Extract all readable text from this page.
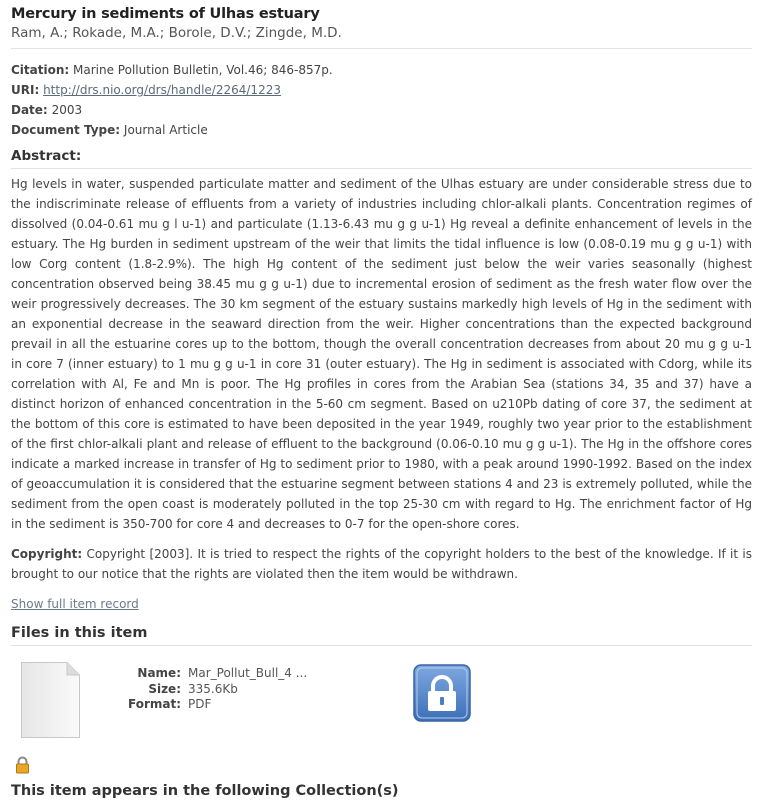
Mercury in sediments of Ulhas estuary
Ram, A.; Rokade, M.A.; Borole, D.V.; Zingde, M.D.
Citation: Marine Pollution Bulletin, Vol.46; 846-857p.
URI: http://drs.nio.org/drs/handle/2264/1223
Date: 2003
Document Type: Journal Article
Abstract:
Hg levels in water, suspended particulate matter and sediment of the Ulhas estuary are under considerable stress due to the indiscriminate release of effluents from a variety of industries including chlor-alkali plants. Concentration regimes of dissolved (0.04-0.61 mu g l u-1) and particulate (1.13-6.43 mu g g u-1) Hg reveal a definite enhancement of levels in the estuary. The Hg burden in sediment upstream of the weir that limits the tidal influence is low (0.08-0.19 mu g g u-1) with low Corg content (1.8-2.9%). The high Hg content of the sediment just below the weir varies seasonally (highest concentration observed being 38.45 mu g g u-1) due to incremental erosion of sediment as the fresh water flow over the weir progressively decreases. The 30 km segment of the estuary sustains markedly high levels of Hg in the sediment with an exponential decrease in the seaward direction from the weir. Higher concentrations than the expected background prevail in all the estuarine cores up to the bottom, though the overall concentration decreases from about 20 mu g g u-1 in core 7 (inner estuary) to 1 mu g g u-1 in core 31 (outer estuary). The Hg in sediment is associated with Cdorg, while its correlation with Al, Fe and Mn is poor. The Hg profiles in cores from the Arabian Sea (stations 34, 35 and 37) have a distinct horizon of enhanced concentration in the 5-60 cm segment. Based on u210Pb dating of core 37, the sediment at the bottom of this core is estimated to have been deposited in the year 1949, roughly two year prior to the establishment of the first chlor-alkali plant and release of effluent to the background (0.06-0.10 mu g g u-1). The Hg in the offshore cores indicate a marked increase in transfer of Hg to sediment prior to 1980, with a peak around 1990-1992. Based on the index of geoaccumulation it is considered that the estuarine segment between stations 4 and 23 is extremely polluted, while the sediment from the open coast is moderately polluted in the top 25-30 cm with regard to Hg. The enrichment factor of Hg in the sediment is 350-700 for core 4 and decreases to 0-7 for the open-shore cores.
Copyright: Copyright [2003]. It is tried to respect the rights of the copyright holders to the best of the knowledge. If it is brought to our notice that the rights are violated then the item would be withdrawn.
Show full item record
Files in this item
Name: Mar_Pollut_Bull_4 ...
Size: 335.6Kb
Format: PDF
This item appears in the following Collection(s)
